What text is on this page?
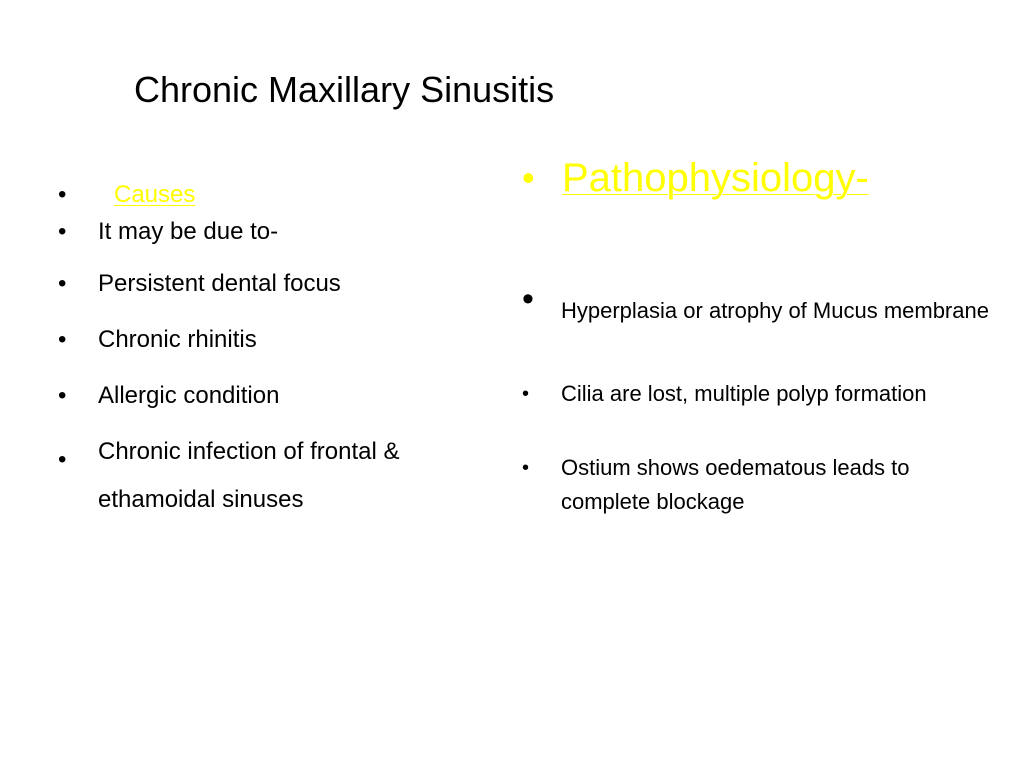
Chronic Maxillary Sinusitis
• Causes
• It may be due to-
• Persistent dental focus
• Chronic rhinitis
• Allergic condition
• Chronic infection of frontal & ethamoidal sinuses
• Pathophysiology-
• Hyperplasia or atrophy of Mucus membrane
• Cilia are lost, multiple polyp formation
• Ostium shows oedematous leads to complete blockage
